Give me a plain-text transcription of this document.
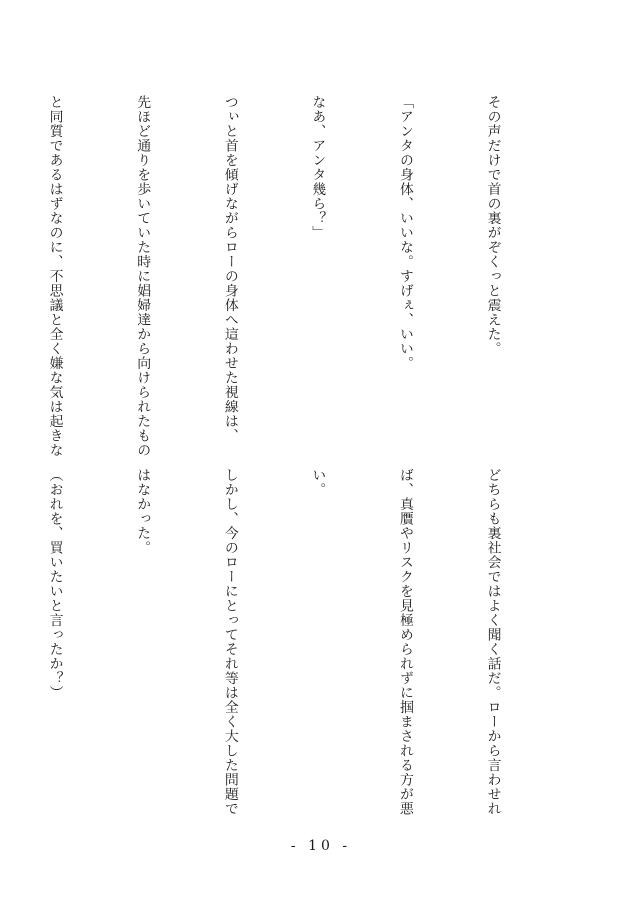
その声だけで首の裏がぞくっと震えた。

「アンタの身体、いいな。すげぇ、いい。

なあ、アンタ幾ら？」

つぃと首を傾げながらローの身体へ這わせた視線は、

先ほど通りを歩いていた時に娼婦達から向けられたもの

と同質であるはずなのに、不思議と全く嫌な気は起きな

どちらも裏社会ではよく聞く話だ。ローから言わせれ

ば、真贋やリスクを見極められずに掴まされる方が悪

い。

しかし、今のローにとってそれ等は全く大した問題で

はなかった。

（おれを、買いたいと言ったか？）

- 10 -
